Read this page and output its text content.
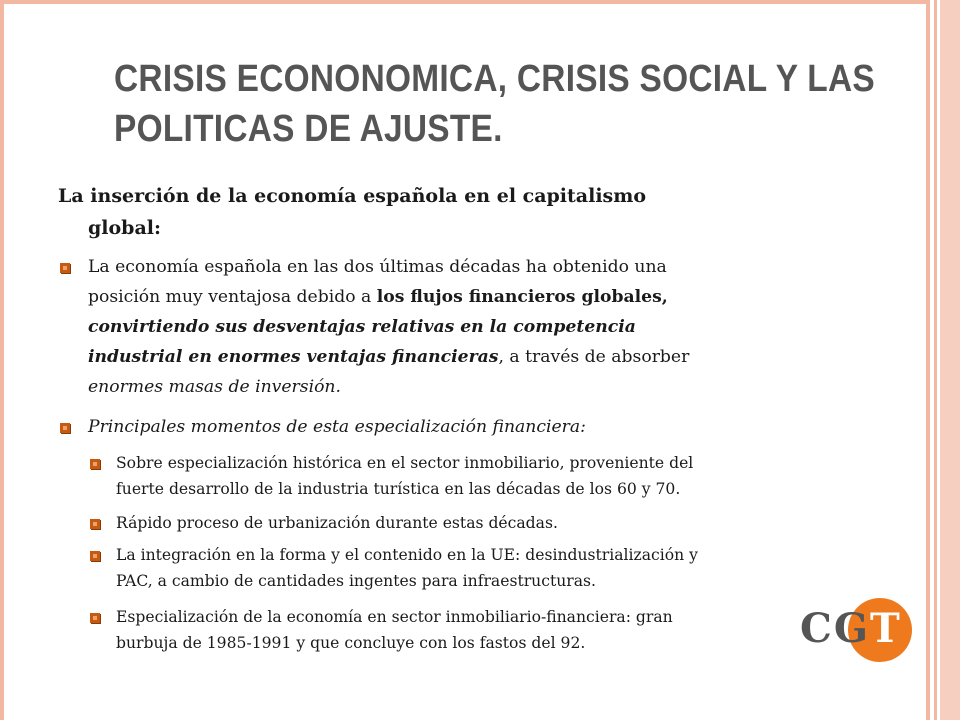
CRISIS ECONONOMICA, CRISIS SOCIAL Y LAS
POLITICAS DE AJUSTE.
La inserción de la economía española en el capitalismo
global:
La economía española en las dos últimas décadas ha obtenido una
posición muy ventajosa debido a los flujos financieros globales,
convirtiendo sus desventajas relativas en la competencia
industrial en enormes ventajas financieras, a través de absorber
enormes masas de inversión.
Principales momentos de esta especialización financiera:
Sobre especialización histórica en el sector inmobiliario, proveniente del
fuerte desarrollo de la industria turística en las décadas de los 60 y 70.
Rápido proceso de urbanización durante estas décadas.
La integración en la forma y el contenido en la UE: desindustrialización y
PAC, a cambio de cantidades ingentes para infraestructuras.
Especialización de la economía en sector inmobiliario-financiera: gran
burbuja de 1985-1991 y que concluye con los fastos del 92.	CGT
